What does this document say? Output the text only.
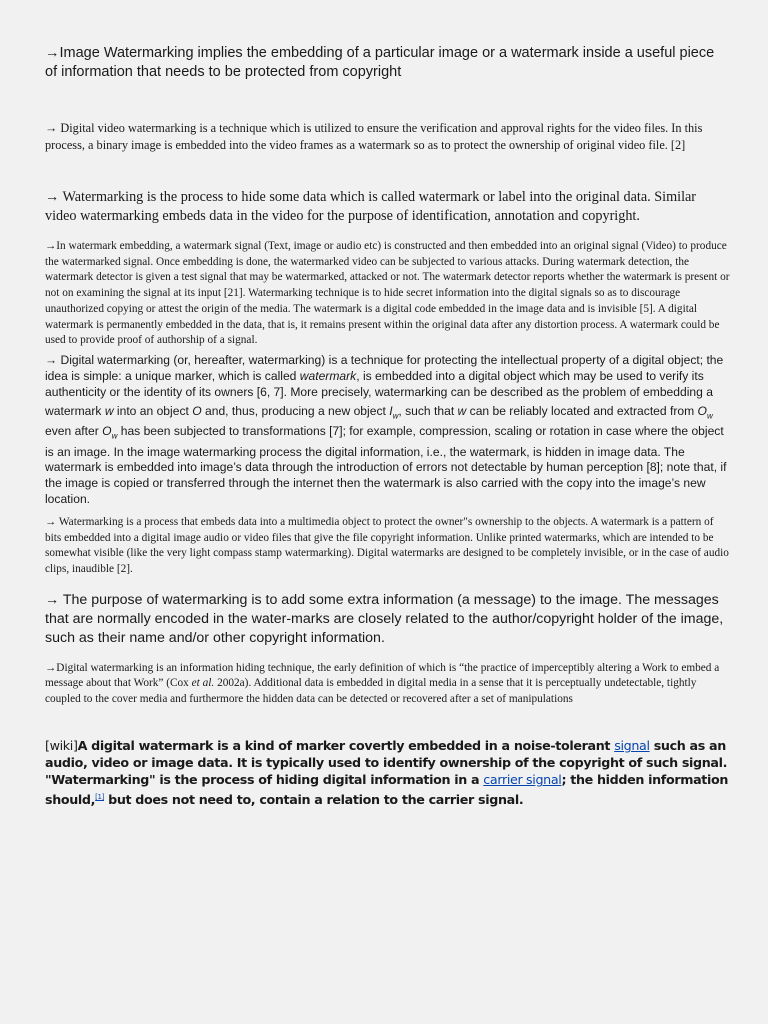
→Image Watermarking implies the embedding of a particular image or a watermark inside a useful piece of information that needs to be protected from copyright

→ Digital video watermarking is a technique which is utilized to ensure the verification and approval rights for the video files. In this process, a binary image is embedded into the video frames as a watermark so as to protect the ownership of original video file. [2]

→ Watermarking is the process to hide some data which is called watermark or label into the original data. Similar video watermarking embeds data in the video for the purpose of identification, annotation and copyright.

→In watermark embedding, a watermark signal (Text, image or audio etc) is constructed and then embedded into an original signal (Video) to produce the watermarked signal. Once embedding is done, the watermarked video can be subjected to various attacks. During watermark detection, the watermark detector is given a test signal that may be watermarked, attacked or not. The watermark detector reports whether the watermark is present or not on examining the signal at its input [21]. Watermarking technique is to hide secret information into the digital signals so as to discourage unauthorized copying or attest the origin of the media. The watermark is a digital code embedded in the image data and is invisible [5]. A digital watermark is permanently embedded in the data, that is, it remains present within the original data after any distortion process. A watermark could be used to provide proof of authorship of a signal.

→ Digital watermarking (or, hereafter, watermarking) is a technique for protecting the intellectual property of a digital object; the idea is simple: a unique marker, which is called watermark, is embedded into a digital object which may be used to verify its authenticity or the identity of its owners [6, 7]. More precisely, watermarking can be described as the problem of embedding a watermark w into an object O and, thus, producing a new object $I_w$, such that w can be reliably located and extracted from $O_w$ even after $O_w$ has been subjected to transformations [7]; for example, compression, scaling or rotation in case where the object is an image. In the image watermarking process the digital information, i.e., the watermark, is hidden in image data. The watermark is embedded into image’s data through the introduction of errors not detectable by human perception [8]; note that, if the image is copied or transferred through the internet then the watermark is also carried with the copy into the image’s new location.

→ Watermarking is a process that embeds data into a multimedia object to protect the owner"s ownership to the objects. A watermark is a pattern of bits embedded into a digital image audio or video files that give the file copyright information. Unlike printed watermarks, which are intended to be somewhat visible (like the very light compass stamp watermarking). Digital watermarks are designed to be completely invisible, or in the case of audio clips, inaudible [2].

→ The purpose of watermarking is to add some extra information (a message) to the image. The messages that are normally encoded in the water-marks are closely related to the author/copyright holder of the image, such as their name and/or other copyright information.

→Digital watermarking is an information hiding technique, the early definition of which is “the practice of imperceptibly altering a Work to embed a message about that Work” (Cox et al. 2002a). Additional data is embedded in digital media in a sense that it is perceptually undetectable, tightly coupled to the cover media and furthermore the hidden data can be detected or recovered after a set of manipulations

[wiki]A digital watermark is a kind of marker covertly embedded in a noise-tolerant signal such as an audio, video or image data. It is typically used to identify ownership of the copyright of such signal. "Watermarking" is the process of hiding digital information in a carrier signal; the hidden information should,[1] but does not need to, contain a relation to the carrier signal.
